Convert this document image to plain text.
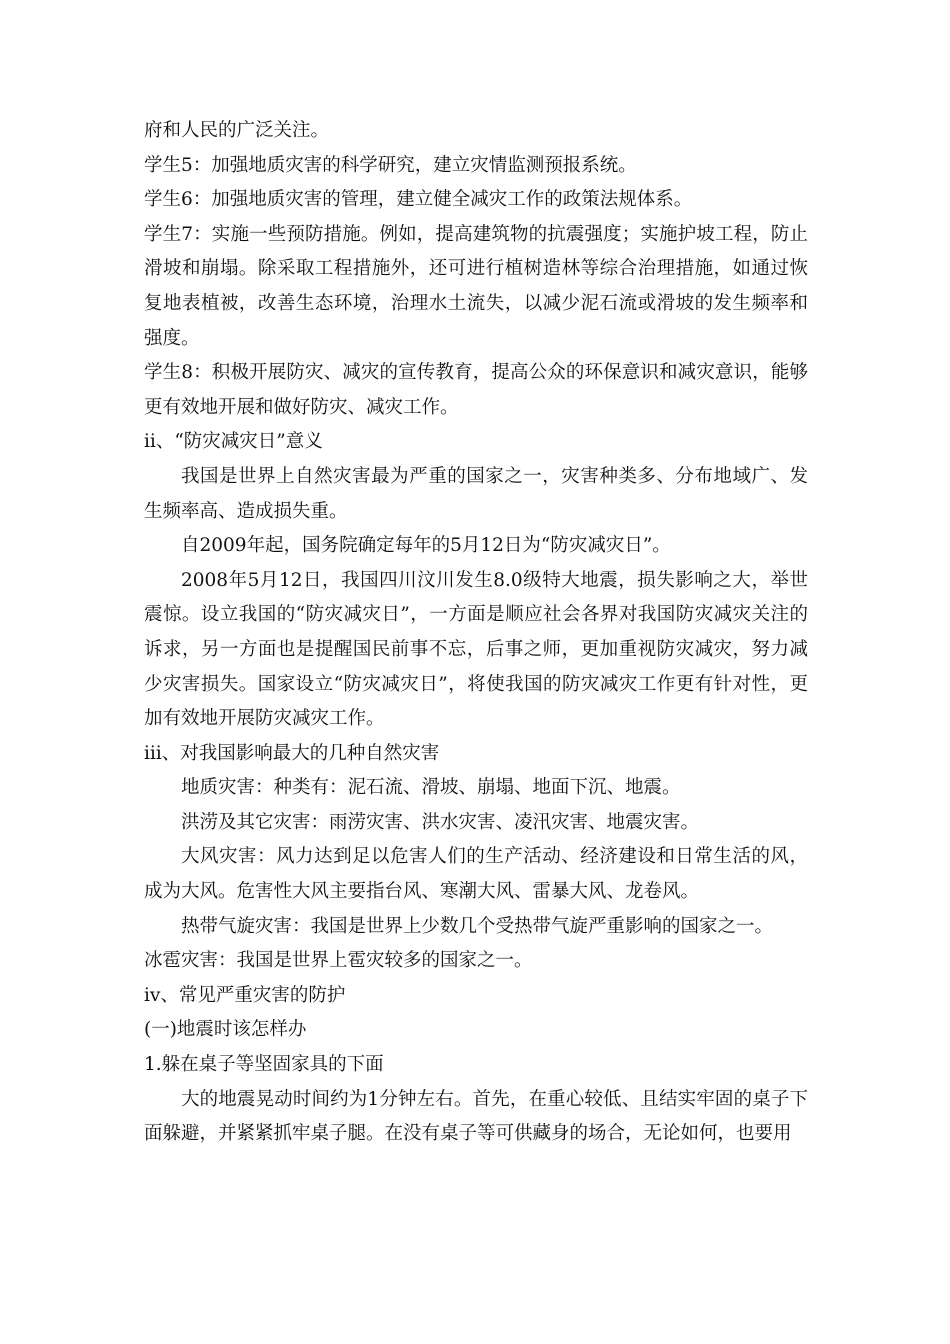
府和人民的广泛关注。

学生5：加强地质灾害的科学研究，建立灾情监测预报系统。

学生6：加强地质灾害的管理，建立健全减灾工作的政策法规体系。

学生7：实施一些预防措施。例如，提高建筑物的抗震强度；实施护坡工程，防止滑坡和崩塌。除采取工程措施外，还可进行植树造林等综合治理措施，如通过恢复地表植被，改善生态环境，治理水土流失，以减少泥石流或滑坡的发生频率和强度。

学生8：积极开展防灾、减灾的宣传教育，提高公众的环保意识和减灾意识，能够更有效地开展和做好防灾、减灾工作。

ⅱ、“防灾减灾日”意义

我国是世界上自然灾害最为严重的国家之一，灾害种类多、分布地域广、发生频率高、造成损失重。

自2009年起，国务院确定每年的5月12日为“防灾减灾日”。

2008年5月12日，我国四川汶川发生8.0级特大地震，损失影响之大，举世震惊。设立我国的“防灾减灾日”，一方面是顺应社会各界对我国防灾减灾关注的诉求，另一方面也是提醒国民前事不忘，后事之师，更加重视防灾减灾，努力减少灾害损失。国家设立“防灾减灾日”，将使我国的防灾减灾工作更有针对性，更加有效地开展防灾减灾工作。

ⅲ、对我国影响最大的几种自然灾害

地质灾害：种类有：泥石流、滑坡、崩塌、地面下沉、地震。

洪涝及其它灾害：雨涝灾害、洪水灾害、凌汛灾害、地震灾害。

大风灾害：风力达到足以危害人们的生产活动、经济建设和日常生活的风，成为大风。危害性大风主要指台风、寒潮大风、雷暴大风、龙卷风。

热带气旋灾害：我国是世界上少数几个受热带气旋严重影响的国家之一。

冰雹灾害：我国是世界上雹灾较多的国家之一。

ⅳ、常见严重灾害的防护

(一)地震时该怎样办

1.躲在桌子等坚固家具的下面

大的地震晃动时间约为1分钟左右。首先，在重心较低、且结实牢固的桌子下面躲避，并紧紧抓牢桌子腿。在没有桌子等可供藏身的场合，无论如何，也要用
